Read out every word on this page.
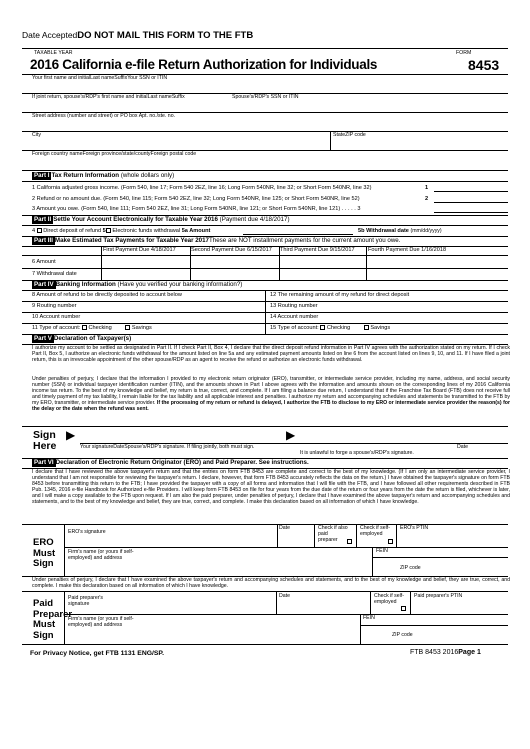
Date AcceptedDO NOT MAIL THIS FORM TO THE FTB
TAXABLE YEAR	FORM
2016 California e-file Return Authorization for Individuals	8453
Your first name and initialLast nameSuffixYour SSN or ITIN
If joint return, spouse's/RDP's first name and initialLast nameSuffix	Spouse's/RDP's SSN or ITIN
Street address (number and street) or PO box Apt. no./ste. no.
City	StateZIP code
Foreign country nameForeign province/state/countyForeign postal code
Part I Tax Return Information (whole dollars only)
1 California adjusted gross income. (Form 540, line 17; Form 540 2EZ, line 16; Long Form 540NR, line 32; or Short Form 540NR, line 32)	1
2 Refund or no amount due. (Form 540, line 115; Form 540 2EZ, line 32; Long Form 540NR, line 125; or Short Form 540NR, line 52)	2
3 Amount you owe. (Form 540, line 111; Form 540 2EZ, line 31; Long Form 540NR, line 121; or Short Form 540NR, line 121) . . . . . 3
Part II Settle Your Account Electronically for Taxable Year 2016 (Payment due 4/18/2017)
4 Direct deposit of refund 5 Electronic funds withdrawal 5a Amount	5b Withdrawal date (mm/dd/yyyy)
Part III Make Estimated Tax Payments for Taxable Year 2017These are NOT installment payments for the current amount you owe.
First Payment Due 4/18/2017	Second Payment Due 6/15/2017 Third Payment Due 9/15/2017 Fourth Payment Due 1/16/2018
6 Amount
7 Withdrawal date
Part IV Banking Information (Have you verified your banking information?)
8 Amount of refund to be directly deposited to account below	12 The remaining amount of my refund for direct deposit
9 Routing number	13 Routing number
10 Account number	14 Account number
11 Type of account: Checking	Savings	15 Type of account: Checking	Savings
Part V Declaration of Taxpayer(s)
I authorize my account to be settled as designated in Part II. If I check Part II, Box 4, I declare that the direct deposit refund information in Part IV agrees with the authorization stated on my return. If I check Part II, Box 5, I authorize an electronic funds withdrawal for the amount listed on line 5a and any estimated payment amounts listed on line 6 from the account listed on lines 9, 10, and 11. If I have filed a joint return, this is an irrevocable appointment of the other spouse/RDP as an agent to receive the refund or authorize an electronic funds withdrawal.
Under penalties of perjury, I declare that the information I provided to my electronic return originator (ERO), transmitter, or intermediate service provider, including my name, address, and social security number (SSN) or individual taxpayer identification number (ITIN), and the amounts shown in Part I above agrees with the information and amounts shown on the corresponding lines of my 2016 California income tax return. To the best of my knowledge and belief, my return is true, correct, and complete. If I am filing a balance due return, I understand that if the Franchise Tax Board (FTB) does not receive full and timely payment of my tax liability, I remain liable for the tax liability and all applicable interest and penalties. I authorize my return and accompanying schedules and statements be transmitted to the FTB by my ERO, transmitter, or intermediate service provider. If the processing of my return or refund is delayed, I authorize the FTB to disclose to my ERO or intermediate service provider the reason(s) for the delay or the date when the refund was sent.
Sign
Here
▶	▶
Your signatureDateSpouse's/RDP's signature. If filing jointly, both must sign.	Date
It is unlawful to forge a spouse's/RDP's signature.
Part VI Declaration of Electronic Return Originator (ERO) and Paid Preparer. See instructions.
I declare that I have reviewed the above taxpayer's return and that the entries on form FTB 8453 are complete and correct to the best of my knowledge. (If I am only an intermediate service provider, I understand that I am not responsible for reviewing the taxpayer's return. I declare, however, that form FTB 8453 accurately reflects the data on the return.) I have obtained the taxpayer's signature on form FTB 8453 before transmitting this return to the FTB; I have provided the taxpayer with a copy of all forms and information that I will file with the FTB, and I have followed all other requirements described in FTB Pub. 1345, 2016 e-file Handbook for Authorized e-file Providers. I will keep form FTB 8453 on file for four years from the due date of the return or four years from the date the return is filed, whichever is later, and I will make a copy available to the FTB upon request. If I am also the paid preparer, under penalties of perjury, I declare that I have examined the above taxpayer's return and accompanying schedules and statements, and to the best of my knowledge and belief, they are true, correct, and complete. I make this declaration based on all information of which I have knowledge.
ERO
Must
Sign
ERO's signature
Date	Check if also paid preparer
Check if self-employed
ERO's PTIN
Firm's name (or yours if self-employed) and address
FEIN
ZIP code
Under penalties of perjury, I declare that I have examined the above taxpayer's return and accompanying schedules and statements, and to the best of my knowledge and belief, they are true, correct, and complete. I make this declaration based on all information of which I have knowledge.
Paid
Preparer
Must
Sign
Paid preparer's signature
Date	Check if self-employed
Paid preparer's PTIN
Firm's name (or yours if self-employed) and address
FEIN
ZIP code
For Privacy Notice, get FTB 1131 ENG/SP.	FTB 8453 2016Page 1
